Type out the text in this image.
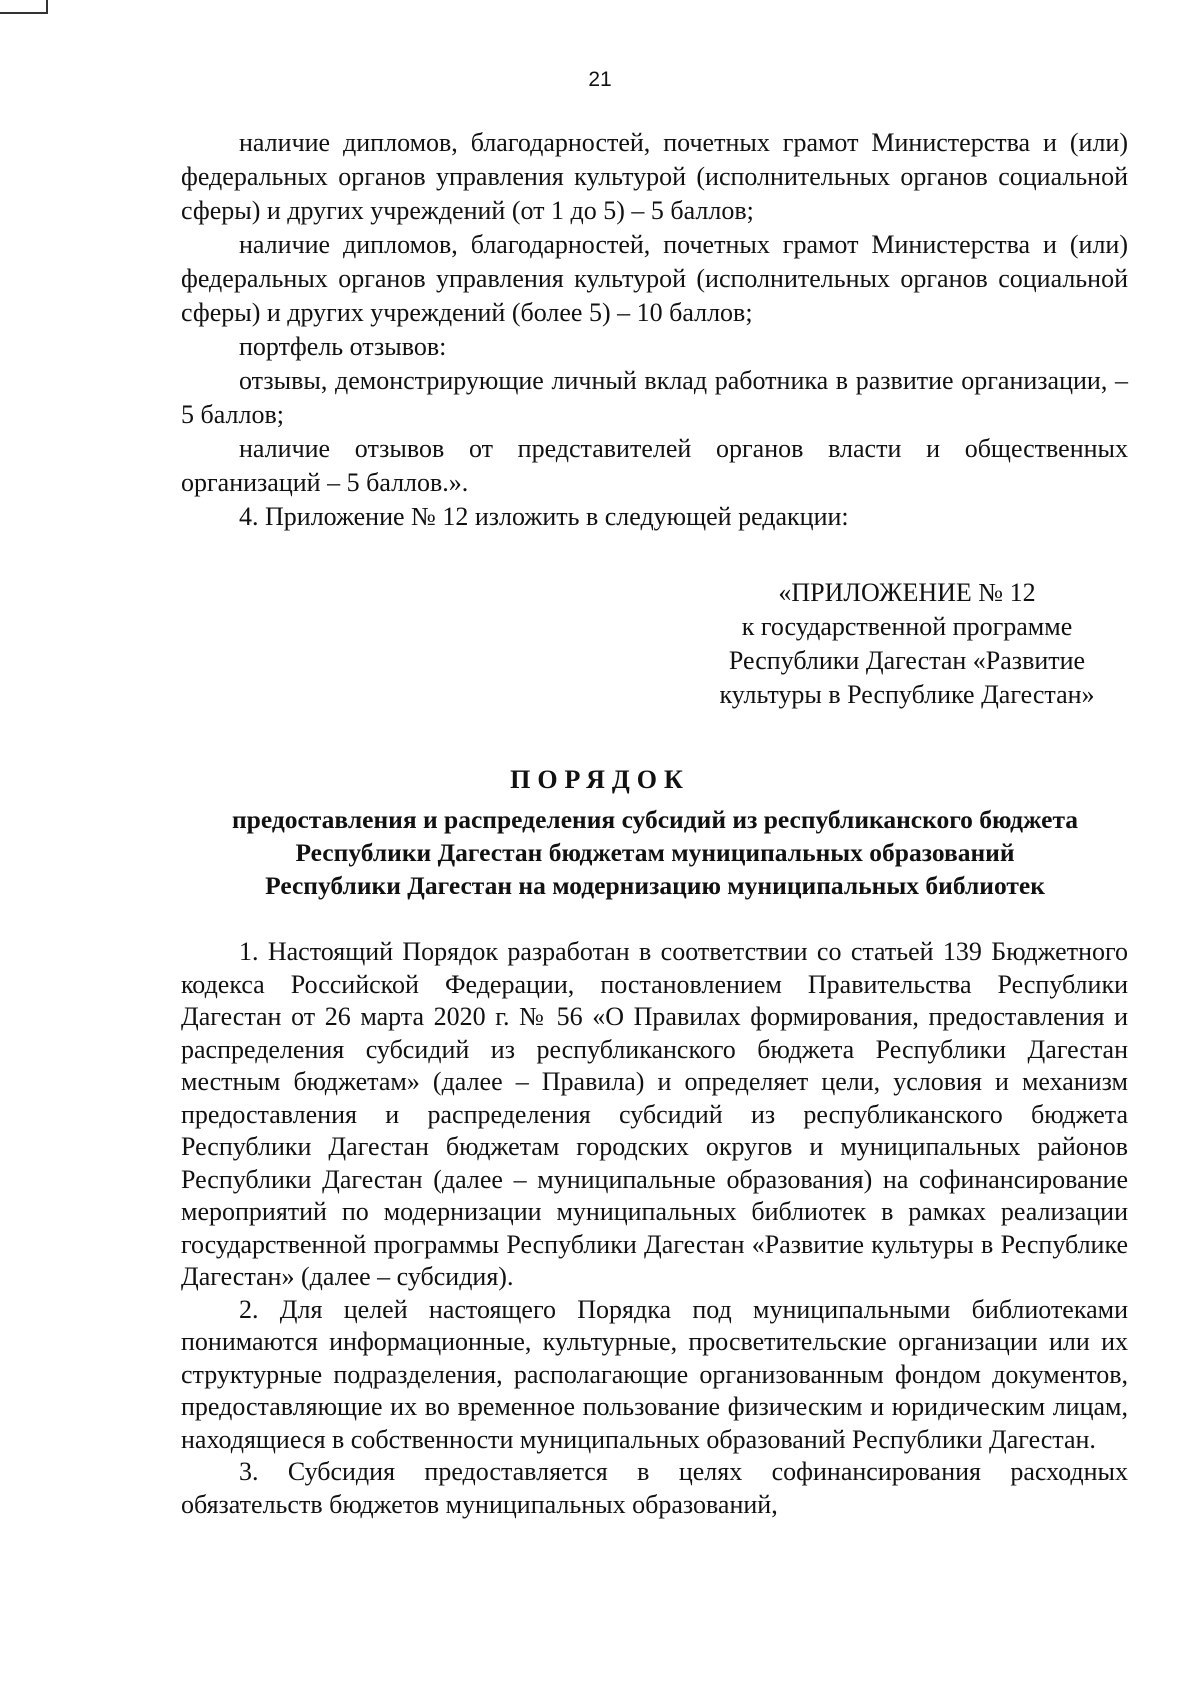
21

наличие дипломов, благодарностей, почетных грамот Министерства и (или) федеральных органов управления культурой (исполнительных органов социальной сферы) и других учреждений (от 1 до 5) – 5 баллов;

наличие дипломов, благодарностей, почетных грамот Министерства и (или) федеральных органов управления культурой (исполнительных органов социальной сферы) и других учреждений (более 5) – 10 баллов;

портфель отзывов:

отзывы, демонстрирующие личный вклад работника в развитие организации, – 5 баллов;

наличие отзывов от представителей органов власти и общественных организаций – 5 баллов.».

4. Приложение № 12 изложить в следующей редакции:

«ПРИЛОЖЕНИЕ № 12
к государственной программе
Республики Дагестан «Развитие
культуры в Республике Дагестан»
ПОРЯДОК
предоставления и распределения субсидий из республиканского бюджета
Республики Дагестан бюджетам муниципальных образований
Республики Дагестан на модернизацию муниципальных библиотек

1. Настоящий Порядок разработан в соответствии со статьей 139 Бюджетного кодекса Российской Федерации, постановлением Правительства Республики Дагестан от 26 марта 2020 г. № 56 «О Правилах формирования, предоставления и распределения субсидий из республиканского бюджета Республики Дагестан местным бюджетам» (далее – Правила) и определяет цели, условия и механизм предоставления и распределения субсидий из республиканского бюджета Республики Дагестан бюджетам городских округов и муниципальных районов Республики Дагестан (далее – муниципальные образования) на софинансирование мероприятий по модернизации муниципальных библиотек в рамках реализации государственной программы Республики Дагестан «Развитие культуры в Республике Дагестан» (далее – субсидия).

2. Для целей настоящего Порядка под муниципальными библиотеками понимаются информационные, культурные, просветительские организации или их структурные подразделения, располагающие организованным фондом документов, предоставляющие их во временное пользование физическим и юридическим лицам, находящиеся в собственности муниципальных образований Республики Дагестан.

3. Субсидия предоставляется в целях софинансирования расходных обязательств бюджетов муниципальных образований,
